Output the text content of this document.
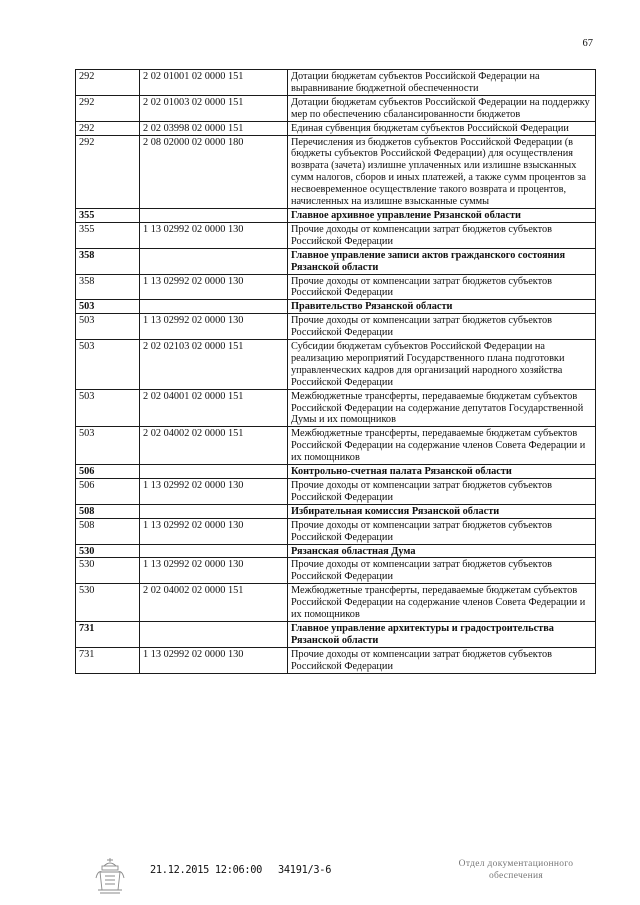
67
292	2 02 01001 02 0000 151	Дотации бюджетам субъектов Российской Федерации на выравнивание бюджетной обеспеченности
292	2 02 01003 02 0000 151	Дотации бюджетам субъектов Российской Федерации на поддержку мер по обеспечению сбалансированности бюджетов
292	2 02 03998 02 0000 151	Единая субвенция бюджетам субъектов Российской Федерации
292	2 08 02000 02 0000 180	Перечисления из бюджетов субъектов Российской Федерации (в бюджеты субъектов Российской Федерации) для осуществления возврата (зачета) излишне уплаченных или излишне взысканных сумм налогов, сборов и иных платежей, а также сумм процентов за несвоевременное осуществление такого возврата и процентов, начисленных на излишне взысканные суммы
355		Главное архивное управление Рязанской области
355	1 13 02992 02 0000 130	Прочие доходы от компенсации затрат бюджетов субъектов Российской Федерации
358		Главное управление записи актов гражданского состояния Рязанской области
358	1 13 02992 02 0000 130	Прочие доходы от компенсации затрат бюджетов субъектов Российской Федерации
503		Правительство Рязанской области
503	1 13 02992 02 0000 130	Прочие доходы от компенсации затрат бюджетов субъектов Российской Федерации
503	2 02 02103 02 0000 151	Субсидии бюджетам субъектов Российской Федерации на реализацию мероприятий Государственного плана подготовки управленческих кадров для организаций народного хозяйства Российской Федерации
503	2 02 04001 02 0000 151	Межбюджетные трансферты, передаваемые бюджетам субъектов Российской Федерации на содержание депутатов Государственной Думы и их помощников
503	2 02 04002 02 0000 151	Межбюджетные трансферты, передаваемые бюджетам субъектов Российской Федерации на содержание членов Совета Федерации и их помощников
506		Контрольно-счетная палата Рязанской области
506	1 13 02992 02 0000 130	Прочие доходы от компенсации затрат бюджетов субъектов Российской Федерации
508		Избирательная комиссия Рязанской области
508	1 13 02992 02 0000 130	Прочие доходы от компенсации затрат бюджетов субъектов Российской Федерации
530		Рязанская областная Дума
530	1 13 02992 02 0000 130	Прочие доходы от компенсации затрат бюджетов субъектов Российской Федерации
530	2 02 04002 02 0000 151	Межбюджетные трансферты, передаваемые бюджетам субъектов Российской Федерации на содержание членов Совета Федерации и их помощников
731		Главное управление архитектуры и градостроительства Рязанской области
731	1 13 02992 02 0000 130	Прочие доходы от компенсации затрат бюджетов субъектов Российской Федерации
21.12.2015 12:06:00 34191/3-6	Отдел документационного
обеспечения
